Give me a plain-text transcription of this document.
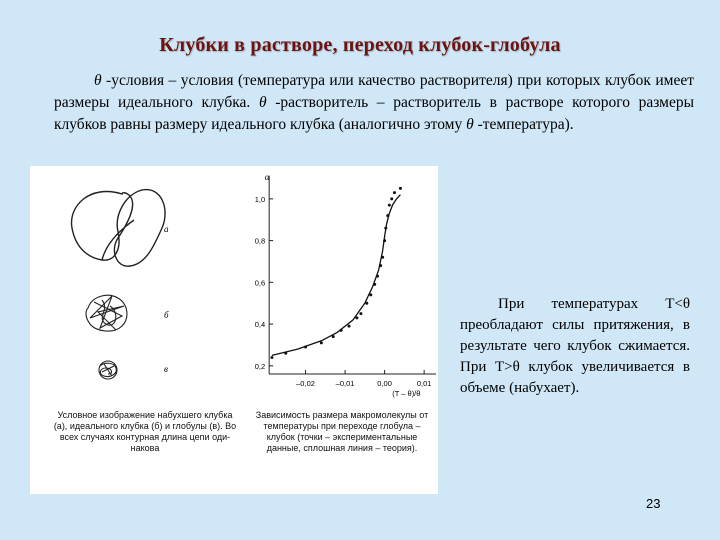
Клубки в растворе, переход клубок-глобула
θ -условия – условия (температура или качество растворителя) при которых клубок имеет размеры идеального клубка. θ -растворитель – растворитель в растворе которого размеры клубков равны размеру идеального клубка (аналогично этому θ -температура).
a
б
в	0,2
0,4
0,6
0,8
1,0
–0,02	–0,01	0,00	0,01
α
(T – θ)/θ
Условное изображение набухшего клубка (а), идеального клубка (б) и глобулы (в). Во всех случаях контурная длина цепи одинакова
Зависимость размера макромолекулы от температуры при переходе глобула – клубок (точки – экспериментальные данные, сплошная линия – теория).
При температурах Т<θ преобладают силы притяжения, в результате чего клубок сжимается. При Т>θ клубок увеличивается в объеме (набухает).
23
